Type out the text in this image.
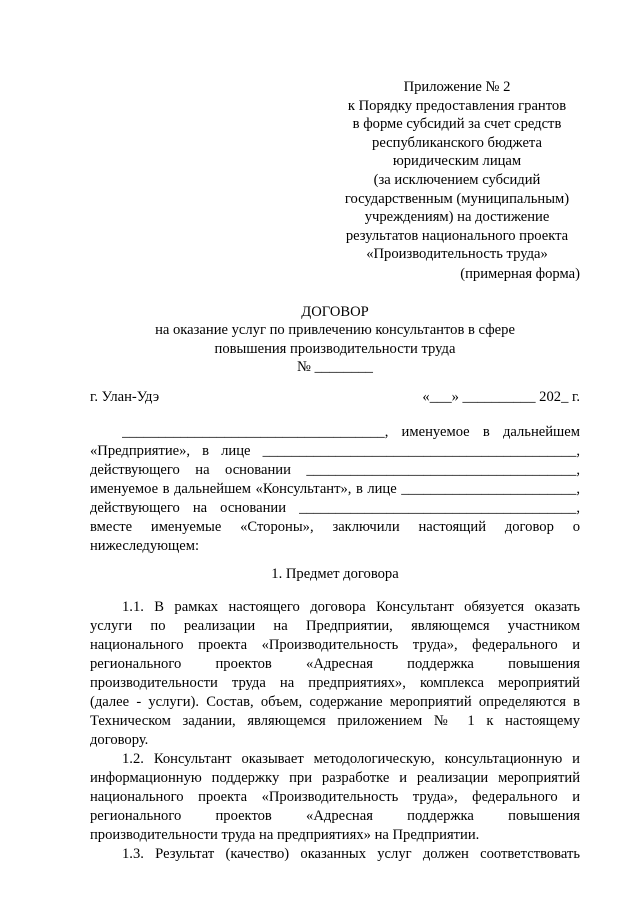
Приложение № 2
к Порядку предоставления грантов
в форме субсидий за счет средств
республиканского бюджета
юридическим лицам
(за исключением субсидий
государственным (муниципальным)
учреждениям) на достижение
результатов национального проекта
«Производительность труда»
(примерная форма)
ДОГОВОР
на оказание услуг по привлечению консультантов в сфере
повышения производительности труда
№ ________
г. Улан-Удэ	«___» __________ 202_ г.
____________________________________, именуемое в дальнейшем
«Предприятие», в лице ___________________________________________,
действующего на основании _____________________________________,
именуемое в дальнейшем «Консультант», в лице ________________________,
действующего на основании ______________________________________,
вместе именуемые «Стороны», заключили настоящий договор о
нижеследующем:
1. Предмет договора
1.1. В рамках настоящего договора Консультант обязуется оказать
услуги по реализации на Предприятии, являющемся участником
национального проекта «Производительность труда», федерального и
регионального проектов «Адресная поддержка повышения
производительности труда на предприятиях», комплекса мероприятий
(далее - услуги). Состав, объем, содержание мероприятий определяются в
Техническом задании, являющемся приложением № 1 к настоящему
договору.
1.2. Консультант оказывает методологическую, консультационную и
информационную поддержку при разработке и реализации мероприятий
национального проекта «Производительность труда», федерального и
регионального проектов «Адресная поддержка повышения
производительности труда на предприятиях» на Предприятии.
1.3. Результат (качество) оказанных услуг должен соответствовать
